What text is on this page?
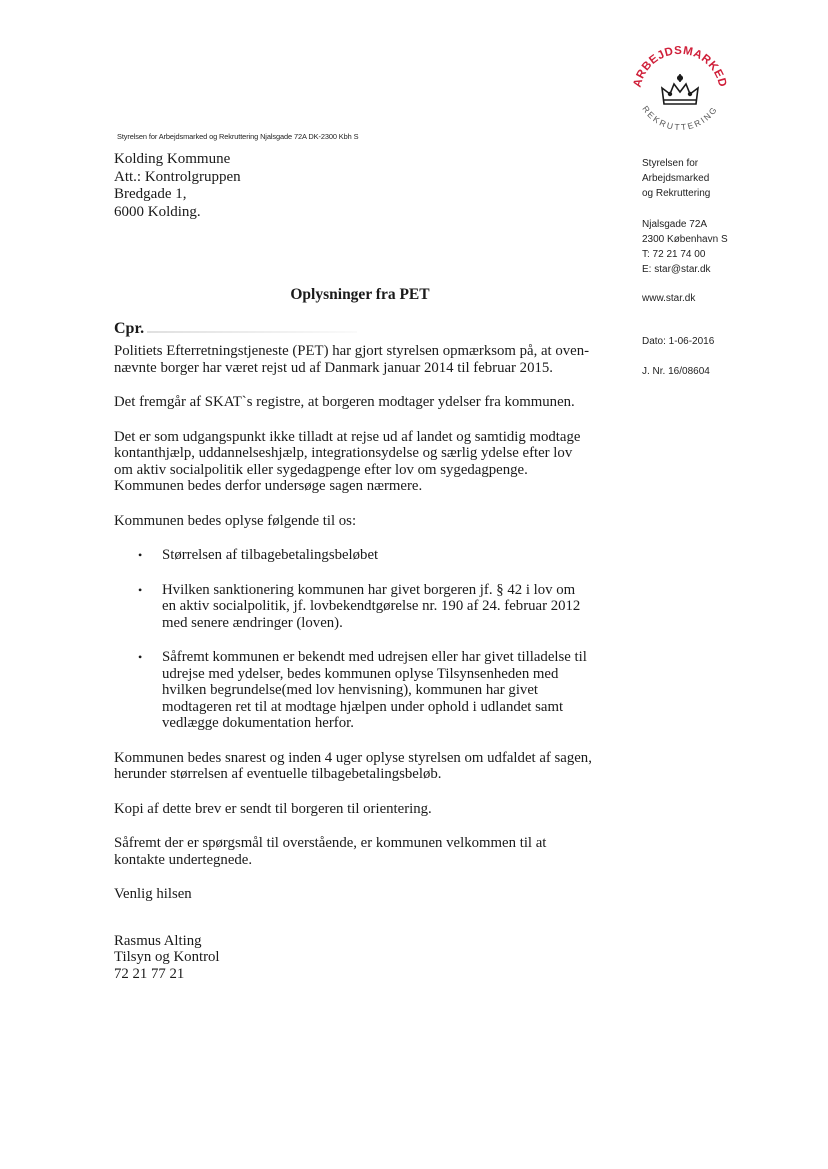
Styrelsen for Arbejdsmarked og Rekruttering Njalsgade 72A DK-2300 Kbh S
ARBEJDSMARKED
REKRUTTERING
Kolding Kommune
Att.: Kontrolgruppen
Bredgade 1,
6000 Kolding.
Styrelsen for
Arbejdsmarked
og Rekruttering
Njalsgade 72A
2300 København S
T: 72 21 74 00
E: star@star.dk
www.star.dk
Dato: 1-06-2016
J. Nr. 16/08604
Oplysninger fra PET
Cpr.

Politiets Efterretningstjeneste (PET) har gjort styrelsen opmærksom på, at oven-nævnte borger har været rejst ud af Danmark januar 2014 til februar 2015.

Det fremgår af SKAT`s registre, at borgeren modtager ydelser fra kommunen.

Det er som udgangspunkt ikke tilladt at rejse ud af landet og samtidig modtage kontanthjælp, uddannelseshjælp, integrationsydelse og særlig ydelse efter lov om aktiv socialpolitik eller sygedagpenge efter lov om sygedagpenge. Kommunen bedes derfor undersøge sagen nærmere.

Kommunen bedes oplyse følgende til os:

• Størrelsen af tilbagebetalingsbeløbet
• Hvilken sanktionering kommunen har givet borgeren jf. § 42 i lov om en aktiv socialpolitik, jf. lovbekendtgørelse nr. 190 af 24. februar 2012 med senere ændringer (loven).
• Såfremt kommunen er bekendt med udrejsen eller har givet tilladelse til udrejse med ydelser, bedes kommunen oplyse Tilsynsenheden med hvilken begrundelse(med lov henvisning), kommunen har givet modtageren ret til at modtage hjælpen under ophold i udlandet samt vedlægge dokumentation herfor.

Kommunen bedes snarest og inden 4 uger oplyse styrelsen om udfaldet af sagen, herunder størrelsen af eventuelle tilbagebetalingsbeløb.

Kopi af dette brev er sendt til borgeren til orientering.

Såfremt der er spørgsmål til overstående, er kommunen velkommen til at kontakte undertegnede.

Venlig hilsen

Rasmus Alting
Tilsyn og Kontrol
72 21 77 21
